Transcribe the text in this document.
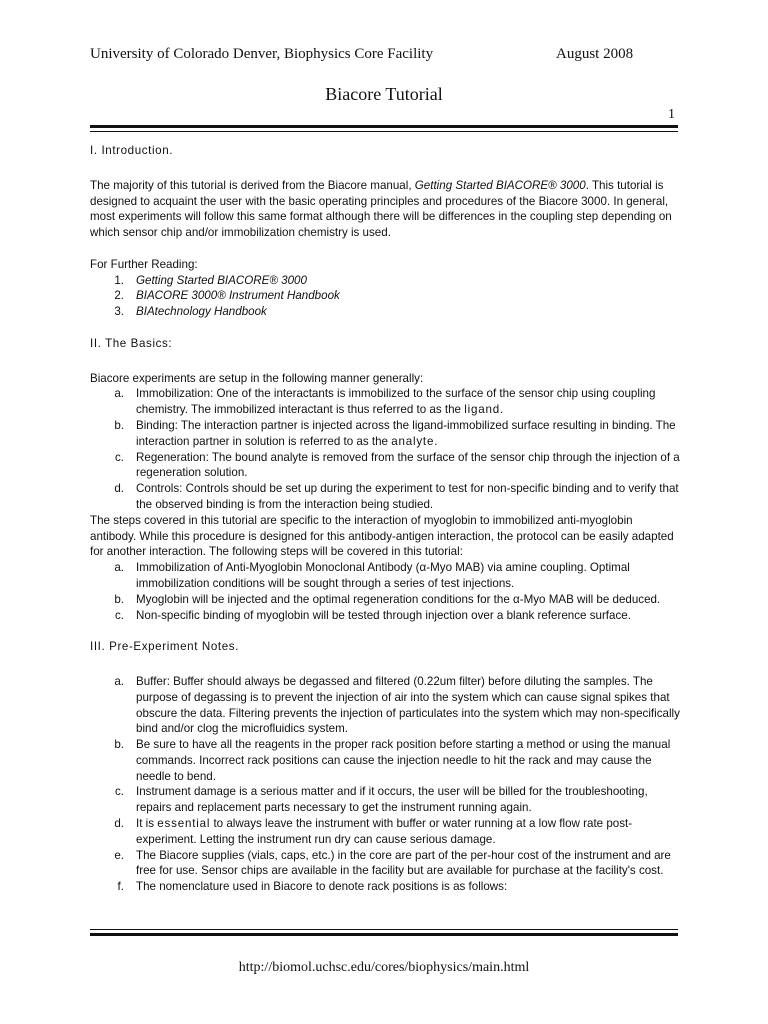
University of Colorado Denver, Biophysics Core Facility	August 2008
Biacore Tutorial
1
I. Introduction.
The majority of this tutorial is derived from the Biacore manual, Getting Started BIACORE® 3000. This tutorial is designed to acquaint the user with the basic operating principles and procedures of the Biacore 3000. In general, most experiments will follow this same format although there will be differences in the coupling step depending on which sensor chip and/or immobilization chemistry is used.
For Further Reading:
1.	Getting Started BIACORE® 3000
2.	BIACORE 3000® Instrument Handbook
3.	BIAtechnology Handbook
II. The Basics:
Biacore experiments are setup in the following manner generally:
a.	Immobilization: One of the interactants is immobilized to the surface of the sensor chip using coupling chemistry. The immobilized interactant is thus referred to as the ligand.
b.	Binding: The interaction partner is injected across the ligand-immobilized surface resulting in binding. The interaction partner in solution is referred to as the analyte.
c.	Regeneration: The bound analyte is removed from the surface of the sensor chip through the injection of a regeneration solution.
d.	Controls: Controls should be set up during the experiment to test for non-specific binding and to verify that the observed binding is from the interaction being studied.
The steps covered in this tutorial are specific to the interaction of myoglobin to immobilized anti-myoglobin antibody. While this procedure is designed for this antibody-antigen interaction, the protocol can be easily adapted for another interaction. The following steps will be covered in this tutorial:
a.	Immobilization of Anti-Myoglobin Monoclonal Antibody (α-Myo MAB) via amine coupling. Optimal immobilization conditions will be sought through a series of test injections.
b.	Myoglobin will be injected and the optimal regeneration conditions for the α-Myo MAB will be deduced.
c.	Non-specific binding of myoglobin will be tested through injection over a blank reference surface.
III. Pre-Experiment Notes.
a.	Buffer: Buffer should always be degassed and filtered (0.22um filter) before diluting the samples. The purpose of degassing is to prevent the injection of air into the system which can cause signal spikes that obscure the data. Filtering prevents the injection of particulates into the system which may non-specifically bind and/or clog the microfluidics system.
b.	Be sure to have all the reagents in the proper rack position before starting a method or using the manual commands. Incorrect rack positions can cause the injection needle to hit the rack and may cause the needle to bend.
c.	Instrument damage is a serious matter and if it occurs, the user will be billed for the troubleshooting, repairs and replacement parts necessary to get the instrument running again.
d.	It is essential to always leave the instrument with buffer or water running at a low flow rate post-experiment. Letting the instrument run dry can cause serious damage.
e.	The Biacore supplies (vials, caps, etc.) in the core are part of the per-hour cost of the instrument and are free for use. Sensor chips are available in the facility but are available for purchase at the facility's cost.
f.	The nomenclature used in Biacore to denote rack positions is as follows:
http://biomol.uchsc.edu/cores/biophysics/main.html
